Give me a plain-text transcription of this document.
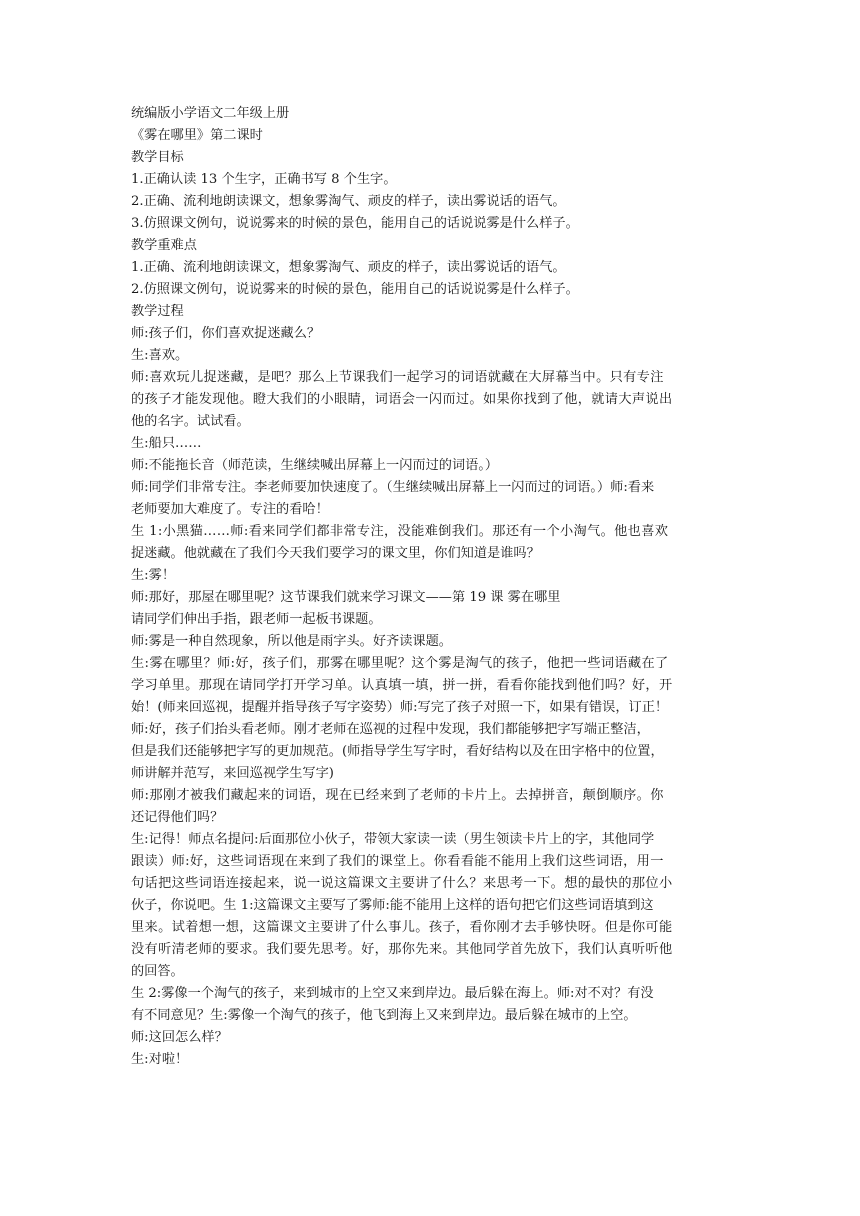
统编版小学语文二年级上册
《雾在哪里》第二课时
教学目标
1.正确认读 13 个生字，正确书写 8 个生字。
2.正确、流利地朗读课文，想象雾淘气、顽皮的样子，读出雾说话的语气。
3.仿照课文例句，说说雾来的时候的景色，能用自己的话说说雾是什么样子。
教学重难点
1.正确、流利地朗读课文，想象雾淘气、顽皮的样子，读出雾说话的语气。
2.仿照课文例句，说说雾来的时候的景色，能用自己的话说说雾是什么样子。
教学过程
师:孩子们，你们喜欢捉迷藏么？
生:喜欢。
师:喜欢玩儿捉迷藏，是吧？那么上节课我们一起学习的词语就藏在大屏幕当中。只有专注
的孩子才能发现他。瞪大我们的小眼睛，词语会一闪而过。如果你找到了他，就请大声说出
他的名字。试试看。
生:船只……
师:不能拖长音（师范读，生继续喊出屏幕上一闪而过的词语。）
师:同学们非常专注。李老师要加快速度了。（生继续喊出屏幕上一闪而过的词语。）师:看来
老师要加大难度了。专注的看哈！
生 1:小黑猫……师:看来同学们都非常专注，没能难倒我们。那还有一个小淘气。他也喜欢
捉迷藏。他就藏在了我们今天我们要学习的课文里，你们知道是谁吗？
生:雾！
师:那好，那屋在哪里呢？这节课我们就来学习课文——第 19 课 雾在哪里
请同学们伸出手指，跟老师一起板书课题。
师:雾是一种自然现象，所以他是雨字头。好齐读课题。
生:雾在哪里？师:好，孩子们，那雾在哪里呢？这个雾是淘气的孩子，他把一些词语藏在了
学习单里。那现在请同学打开学习单。认真填一填，拼一拼，看看你能找到他们吗？好，开
始！(师来回巡视，提醒并指导孩子写字姿势）师:写完了孩子对照一下，如果有错误，订正！
师:好，孩子们抬头看老师。刚才老师在巡视的过程中发现，我们都能够把字写端正整洁，
但是我们还能够把字写的更加规范。(师指导学生写字时，看好结构以及在田字格中的位置，
师讲解并范写，来回巡视学生写字)
师:那刚才被我们藏起来的词语，现在已经来到了老师的卡片上。去掉拼音，颠倒顺序。你
还记得他们吗？
生:记得！师点名提问:后面那位小伙子，带领大家读一读（男生领读卡片上的字，其他同学
跟读）师:好，这些词语现在来到了我们的课堂上。你看看能不能用上我们这些词语，用一
句话把这些词语连接起来，说一说这篇课文主要讲了什么？来思考一下。想的最快的那位小
伙子，你说吧。生 1:这篇课文主要写了雾师:能不能用上这样的语句把它们这些词语填到这
里来。试着想一想，这篇课文主要讲了什么事儿。孩子，看你刚才去手够快呀。但是你可能
没有听清老师的要求。我们要先思考。好，那你先来。其他同学首先放下，我们认真听听他
的回答。
生 2:雾像一个淘气的孩子，来到城市的上空又来到岸边。最后躲在海上。师:对不对？有没
有不同意见？生:雾像一个淘气的孩子，他飞到海上又来到岸边。最后躲在城市的上空。
师:这回怎么样？
生:对啦！
